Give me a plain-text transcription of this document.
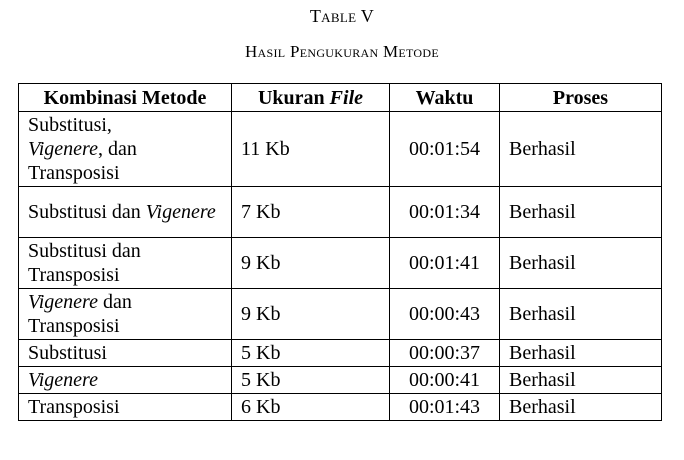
Table V
Hasil Pengukuran Metode
Kombinasi Metode	Ukuran File	Waktu	Proses
Substitusi,
Vigenere, dan Transposisi	11 Kb	00:01:54	Berhasil
Substitusi dan Vigenere	7 Kb	00:01:34	Berhasil
Substitusi dan Transposisi	9 Kb	00:01:41	Berhasil
Vigenere dan Transposisi	9 Kb	00:00:43	Berhasil
Substitusi	5 Kb	00:00:37	Berhasil
Vigenere	5 Kb	00:00:41	Berhasil
Transposisi	6 Kb	00:01:43	Berhasil
